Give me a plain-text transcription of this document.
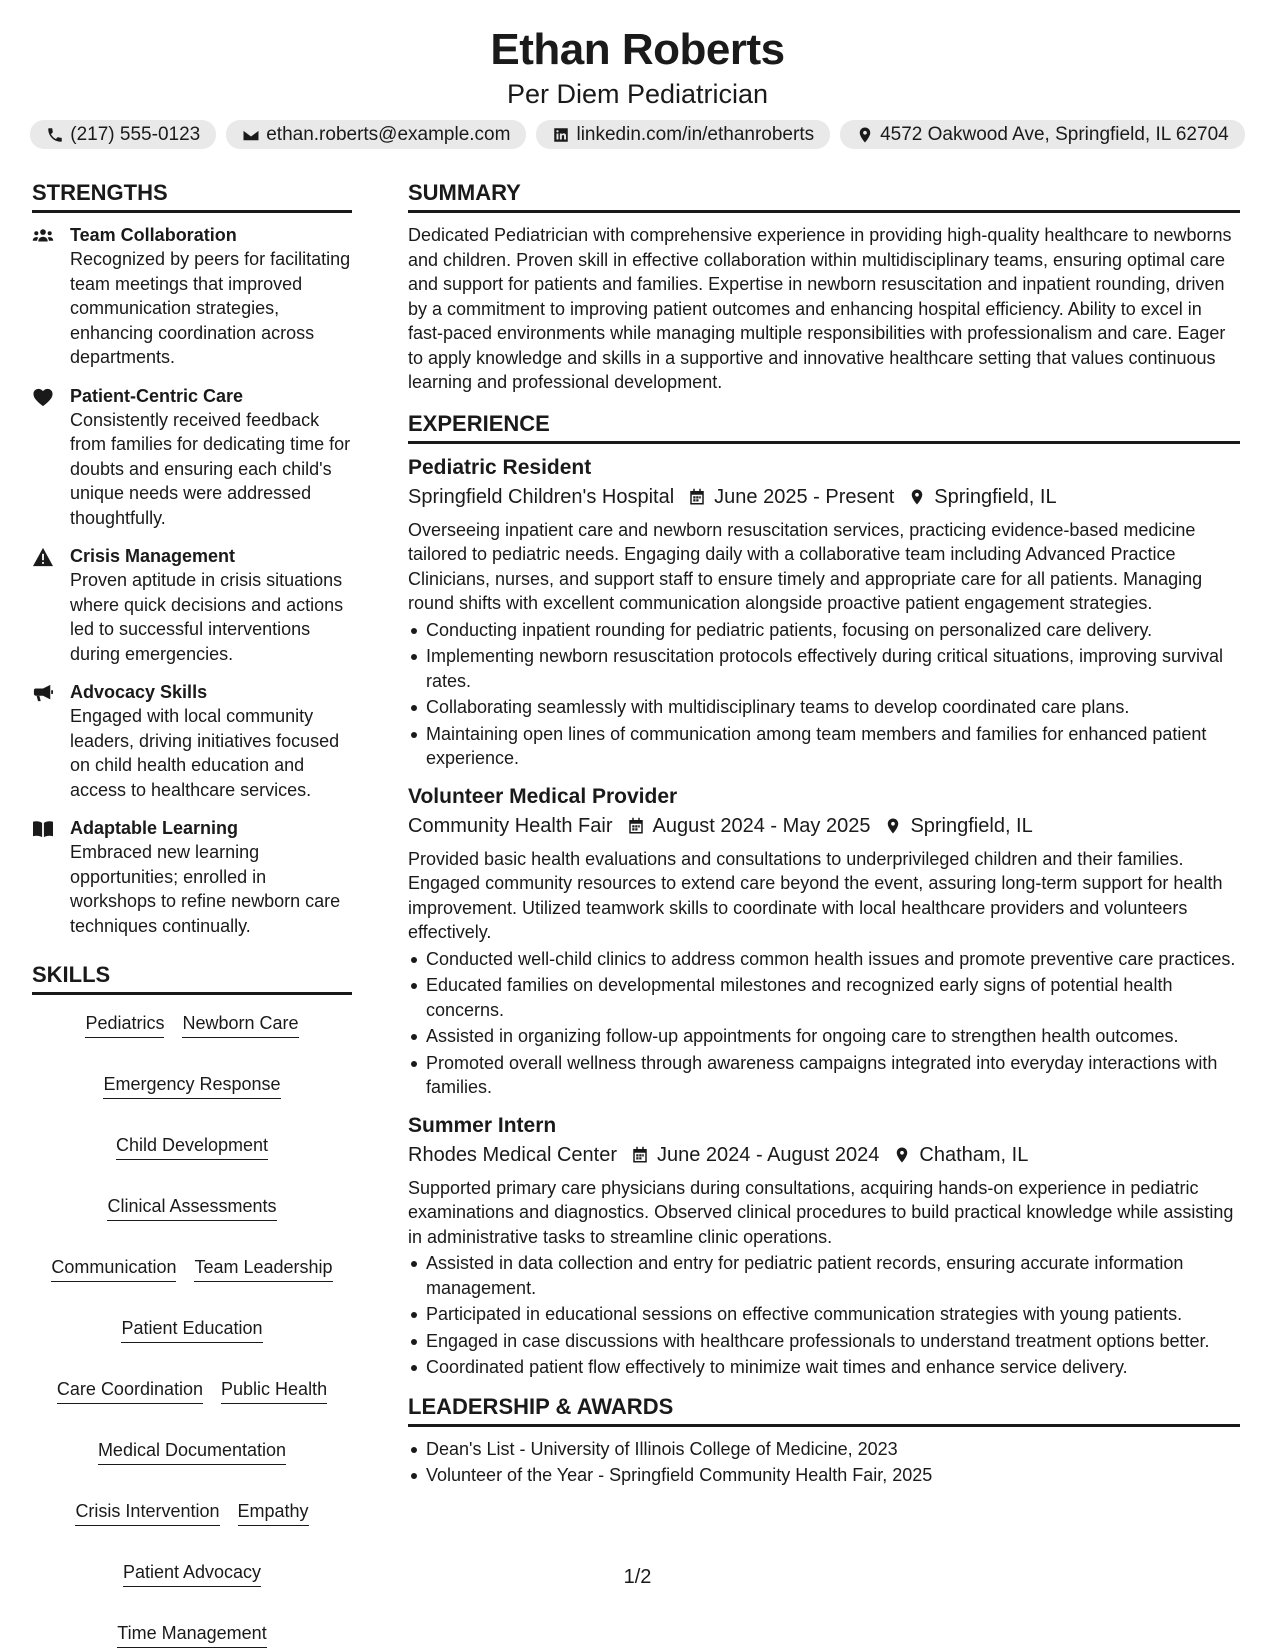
Ethan Roberts
Per Diem Pediatrician
(217) 555-0123	ethan.roberts@example.com	linkedin.com/in/ethanroberts	4572 Oakwood Ave, Springfield, IL 62704
STRENGTHS
Team Collaboration
Recognized by peers for facilitating team meetings that improved communication strategies, enhancing coordination across departments.
Patient-Centric Care
Consistently received feedback from families for dedicating time for doubts and ensuring each child's unique needs were addressed thoughtfully.
Crisis Management
Proven aptitude in crisis situations where quick decisions and actions led to successful interventions during emergencies.
Advocacy Skills
Engaged with local community leaders, driving initiatives focused on child health education and access to healthcare services.
Adaptable Learning
Embraced new learning opportunities; enrolled in workshops to refine newborn care techniques continually.
SKILLS
Pediatrics Newborn Care
Emergency Response
Child Development
Clinical Assessments
Communication Team Leadership
Patient Education
Care Coordination Public Health
Medical Documentation
Crisis Intervention Empathy
Patient Advocacy
Time Management
SUMMARY
Dedicated Pediatrician with comprehensive experience in providing high-quality healthcare to newborns and children. Proven skill in effective collaboration within multidisciplinary teams, ensuring optimal care and support for patients and families. Expertise in newborn resuscitation and inpatient rounding, driven by a commitment to improving patient outcomes and enhancing hospital efficiency. Ability to excel in fast-paced environments while managing multiple responsibilities with professionalism and care. Eager to apply knowledge and skills in a supportive and innovative healthcare setting that values continuous learning and professional development.
EXPERIENCE
Pediatric Resident
Springfield Children's Hospital June 2025 - Present Springfield, IL
Overseeing inpatient care and newborn resuscitation services, practicing evidence-based medicine tailored to pediatric needs. Engaging daily with a collaborative team including Advanced Practice Clinicians, nurses, and support staff to ensure timely and appropriate care for all patients. Managing round shifts with excellent communication alongside proactive patient engagement strategies.
Conducting inpatient rounding for pediatric patients, focusing on personalized care delivery.
Implementing newborn resuscitation protocols effectively during critical situations, improving survival rates.
Collaborating seamlessly with multidisciplinary teams to develop coordinated care plans.
Maintaining open lines of communication among team members and families for enhanced patient experience.
Volunteer Medical Provider
Community Health Fair August 2024 - May 2025 Springfield, IL
Provided basic health evaluations and consultations to underprivileged children and their families. Engaged community resources to extend care beyond the event, assuring long-term support for health improvement. Utilized teamwork skills to coordinate with local healthcare providers and volunteers effectively.
Conducted well-child clinics to address common health issues and promote preventive care practices.
Educated families on developmental milestones and recognized early signs of potential health concerns.
Assisted in organizing follow-up appointments for ongoing care to strengthen health outcomes.
Promoted overall wellness through awareness campaigns integrated into everyday interactions with families.
Summer Intern
Rhodes Medical Center June 2024 - August 2024 Chatham, IL
Supported primary care physicians during consultations, acquiring hands-on experience in pediatric examinations and diagnostics. Observed clinical procedures to build practical knowledge while assisting in administrative tasks to streamline clinic operations.
Assisted in data collection and entry for pediatric patient records, ensuring accurate information management.
Participated in educational sessions on effective communication strategies with young patients.
Engaged in case discussions with healthcare professionals to understand treatment options better.
Coordinated patient flow effectively to minimize wait times and enhance service delivery.
LEADERSHIP & AWARDS
Dean's List - University of Illinois College of Medicine, 2023
Volunteer of the Year - Springfield Community Health Fair, 2025
1/2
